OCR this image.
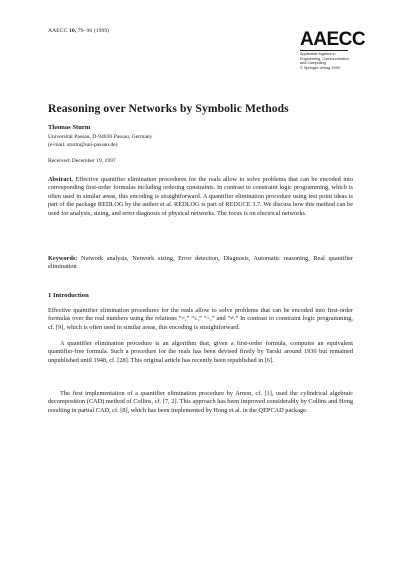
AAECC 10, 79–96 (1999)	AAECC
Applicable Algebra in
Engineering, Communication
and Computing
© Springer-Verlag 1999
Reasoning over Networks by Symbolic Methods
Thomas Sturm
Universität Passau, D-94030 Passau, Germany
(e-mail: sturm@uni-passau.de)
Received: December 19, 1997
Abstract. Effective quantifier elimination procedures for the reals allow to solve problems that can be encoded into corresponding first-order formulas including ordering constraints. In contrast to constraint logic programming, which is often used in similar areas, this encoding is straightforward. A quantifier elimination procedure using test point ideas is part of the package REDLOG by the author et al. REDLOG is part of REDUCE 3.7. We discuss how this method can be used for analysis, sizing, and error diagnosis of physical networks. The focus is on electrical networks.
Keywords: Network analysis, Network sizing, Error detection, Diagnosis, Automatic reasoning, Real quantifier elimination
1 Introduction
Effective quantifier elimination procedures for the reals allow to solve problems that can be encoded into first-order formulas over the real numbers using the relations “=,” “≤,” “<,” and “≠.” In contrast to constraint logic programming, cf. [9], which is often used in similar areas, this encoding is straightforward.
A quantifier elimination procedure is an algorithm that, given a first-order formula, computes an equivalent quantifier-free formula. Such a procedure for the reals has been devised firstly by Tarski around 1930 but remained unpublished until 1948, cf. [28]. This original article has recently been republished in [6].
The first implementation of a quantifier elimination procedure by Arnon, cf. [1], used the cylindrical algebraic decomposition (CAD) method of Collins, cf. [7, 2]. This approach has been improved considerably by Collins and Hong resulting in partial CAD, cf. [8], which has been implemented by Hong et al. in the QEPCAD package.
